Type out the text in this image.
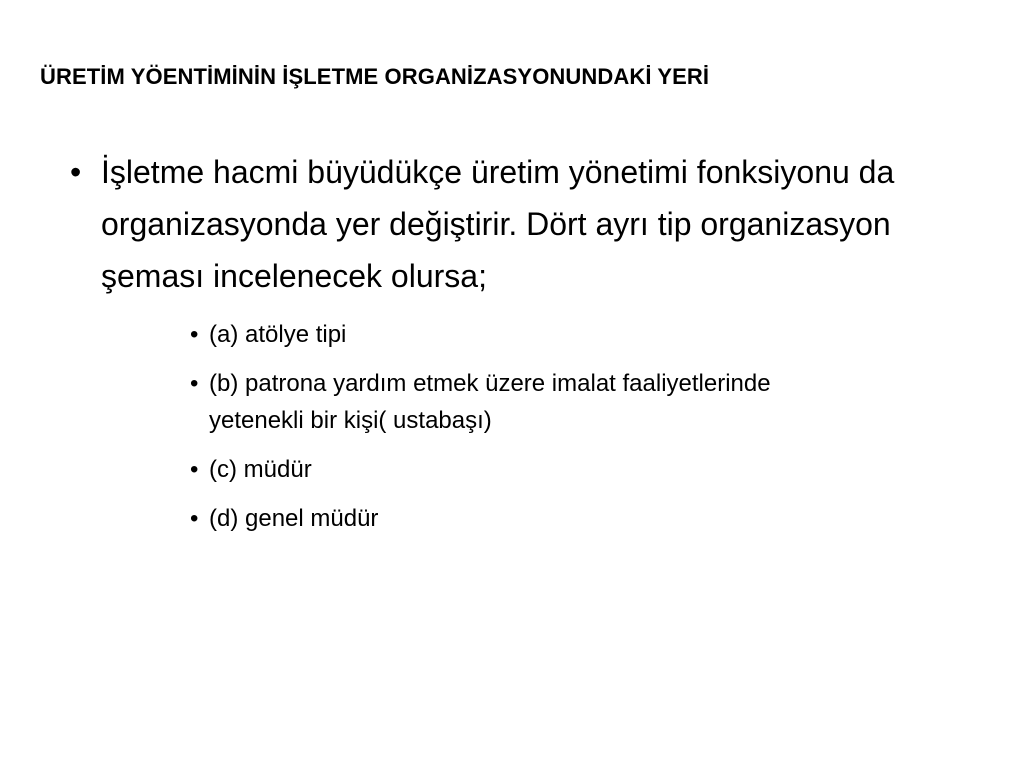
ÜRETİM YÖENTİMİNİN İŞLETME ORGANİZASYONUNDAKİ YERİ
• İşletme hacmi büyüdükçe üretim yönetimi fonksiyonu da organizasyonda yer değiştirir. Dört ayrı tip organizasyon şeması incelenecek olursa;
• (a) atölye tipi
• (b) patrona yardım etmek üzere imalat faaliyetlerinde yetenekli bir kişi( ustabaşı)
• (c) müdür
• (d) genel müdür
